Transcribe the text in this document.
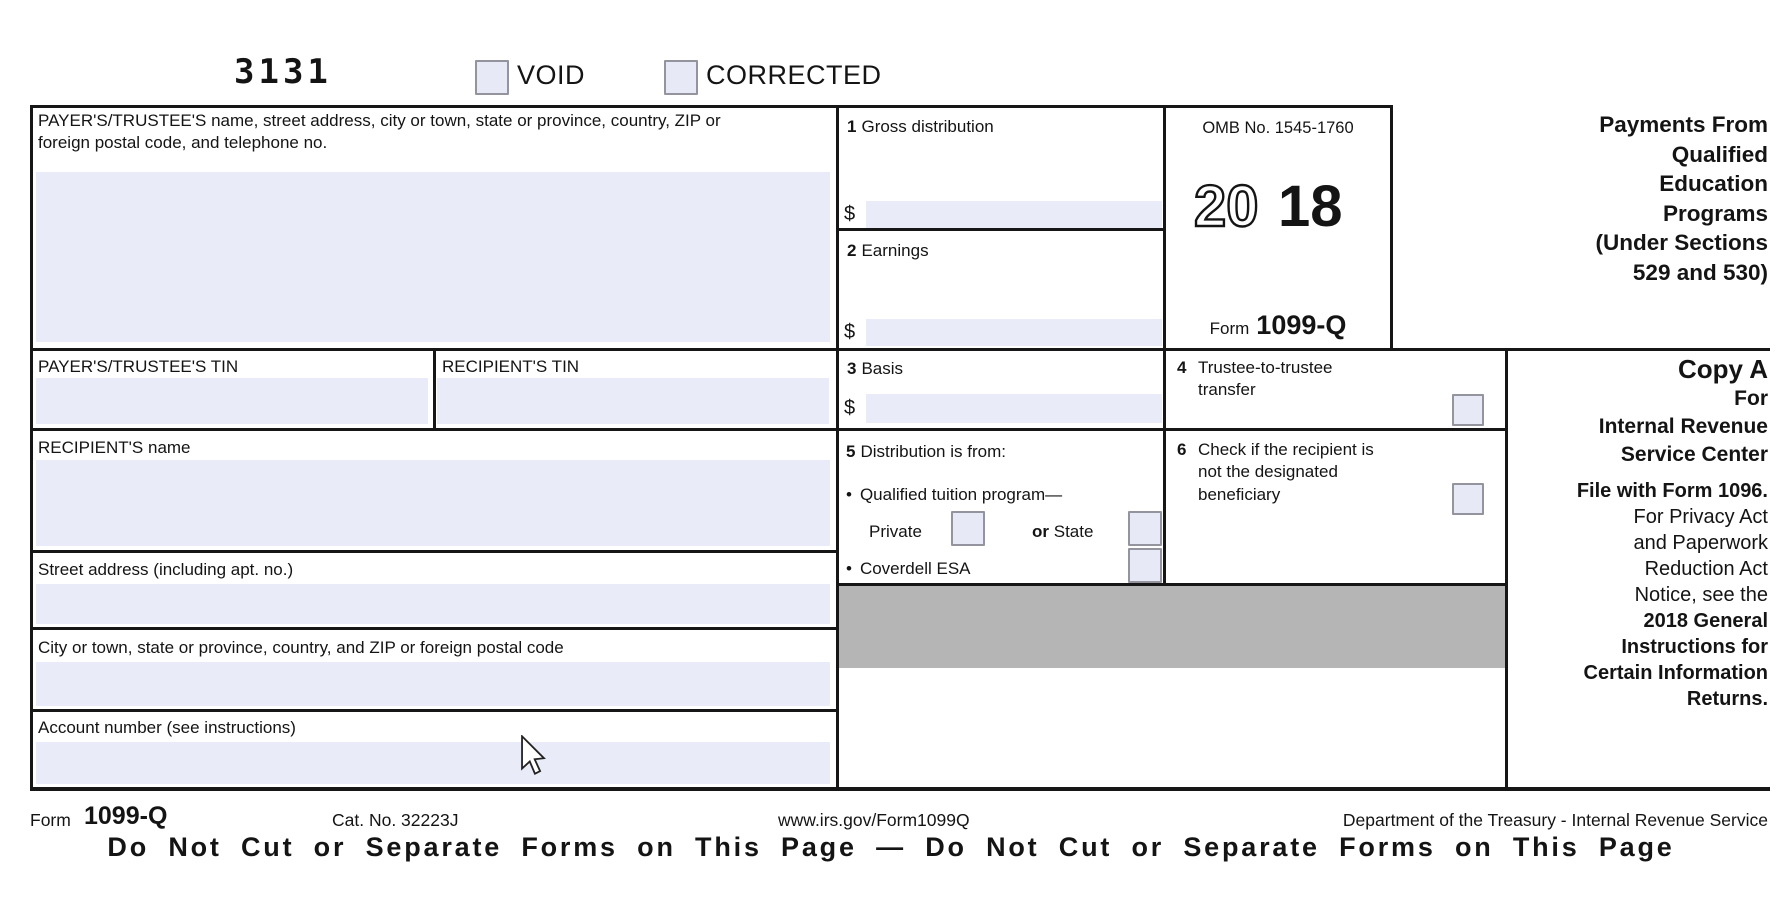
3131	VOID	CORRECTED
PAYER'S/TRUSTEE'S name, street address, city or town, state or province, country, ZIP or foreign postal code, and telephone no.
1 Gross distribution
$
2 Earnings
$
OMB No. 1545-1760
20 18
Form 1099-Q
Payments From
Qualified
Education
Programs
(Under Sections
529 and 530)
PAYER'S/TRUSTEE'S TIN	RECIPIENT'S TIN	3 Basis
$
4 Trustee-to-trustee
transfer
RECIPIENT'S name	5 Distribution is from:
• Qualified tuition program—
Private	or State
• Coverdell ESA
6 Check if the recipient is
not the designated
beneficiary
Street address (including apt. no.)
City or town, state or province, country, and ZIP or foreign postal code
Account number (see instructions)
Copy A
For
Internal Revenue
Service Center
File with Form 1096.
For Privacy Act
and Paperwork
Reduction Act
Notice, see the
2018 General
Instructions for
Certain Information
Returns.
Form 1099-Q	Cat. No. 32223J	www.irs.gov/Form1099Q	Department of the Treasury - Internal Revenue Service
Do Not Cut or Separate Forms on This Page — Do Not Cut or Separate Forms on This Page
